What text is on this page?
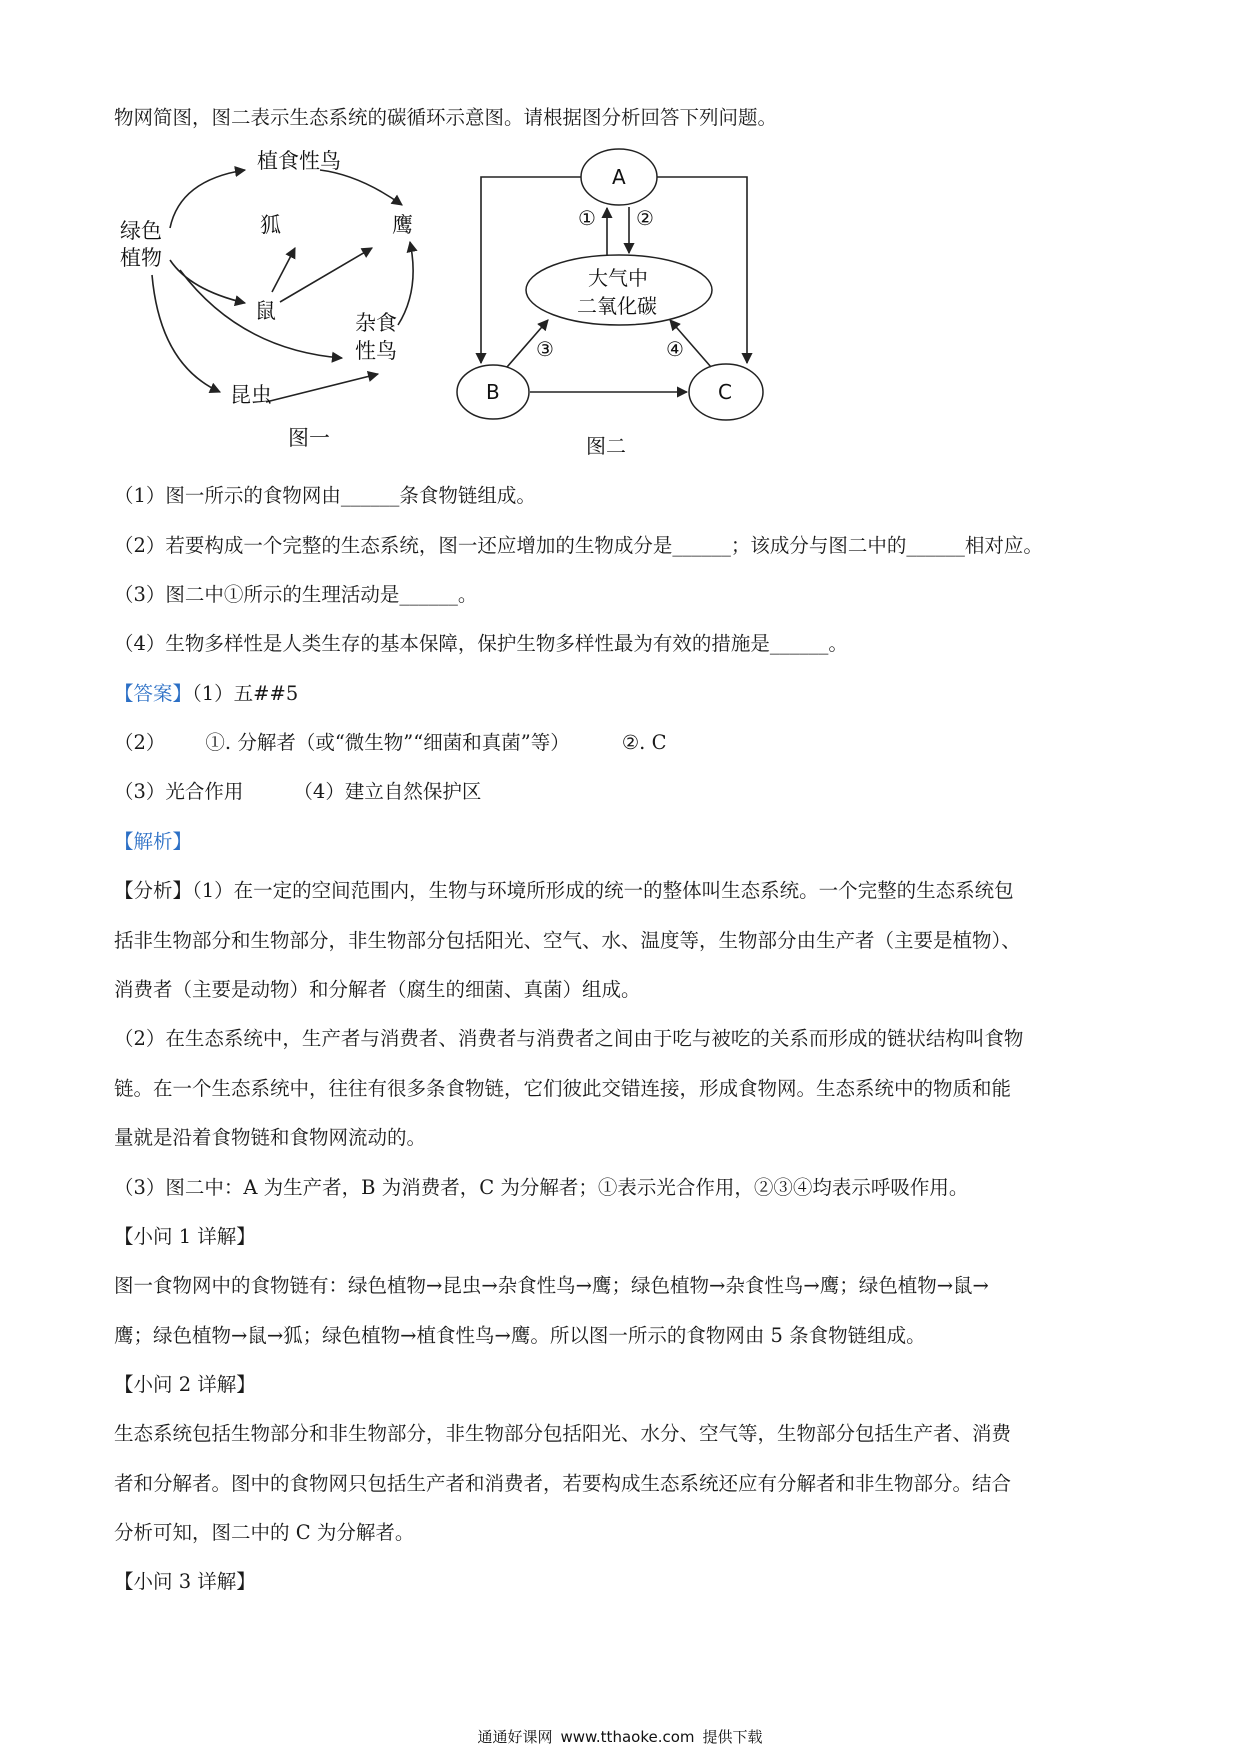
物网简图，图二表示生态系统的碳循环示意图。请根据图分析回答下列问题。
植食性鸟
狐	鹰
绿色
植物
鼠	杂食
性鸟
昆虫
图一
A
B	C
大气中
二氧化碳
① ②
③	④
图二
（1）图一所示的食物网由______条食物链组成。
（2）若要构成一个完整的生态系统，图一还应增加的生物成分是______；该成分与图二中的______相对应。
（3）图二中①所示的生理活动是______。
（4）生物多样性是人类生存的基本保障，保护生物多样性最为有效的措施是______。
【答案】（1）五##5
（2） ①. 分解者（或“微生物”“细菌和真菌”等）	②. C
（3）光合作用	（4）建立自然保护区
【解析】
【分析】（1）在一定的空间范围内，生物与环境所形成的统一的整体叫生态系统。一个完整的生态系统包
括非生物部分和生物部分，非生物部分包括阳光、空气、水、温度等，生物部分由生产者（主要是植物）、
消费者（主要是动物）和分解者（腐生的细菌、真菌）组成。
（2）在生态系统中，生产者与消费者、消费者与消费者之间由于吃与被吃的关系而形成的链状结构叫食物
链。在一个生态系统中，往往有很多条食物链，它们彼此交错连接，形成食物网。生态系统中的物质和能
量就是沿着食物链和食物网流动的。
（3）图二中：A 为生产者，B 为消费者，C 为分解者；①表示光合作用，②③④均表示呼吸作用。
【小问 1 详解】
图一食物网中的食物链有：绿色植物→昆虫→杂食性鸟→鹰；绿色植物→杂食性鸟→鹰；绿色植物→鼠→
鹰；绿色植物→鼠→狐；绿色植物→植食性鸟→鹰。所以图一所示的食物网由 5 条食物链组成。
【小问 2 详解】
生态系统包括生物部分和非生物部分，非生物部分包括阳光、水分、空气等，生物部分包括生产者、消费
者和分解者。图中的食物网只包括生产者和消费者，若要构成生态系统还应有分解者和非生物部分。结合
分析可知，图二中的 C 为分解者。
【小问 3 详解】
通通好课网 www.tthaoke.com 提供下载
